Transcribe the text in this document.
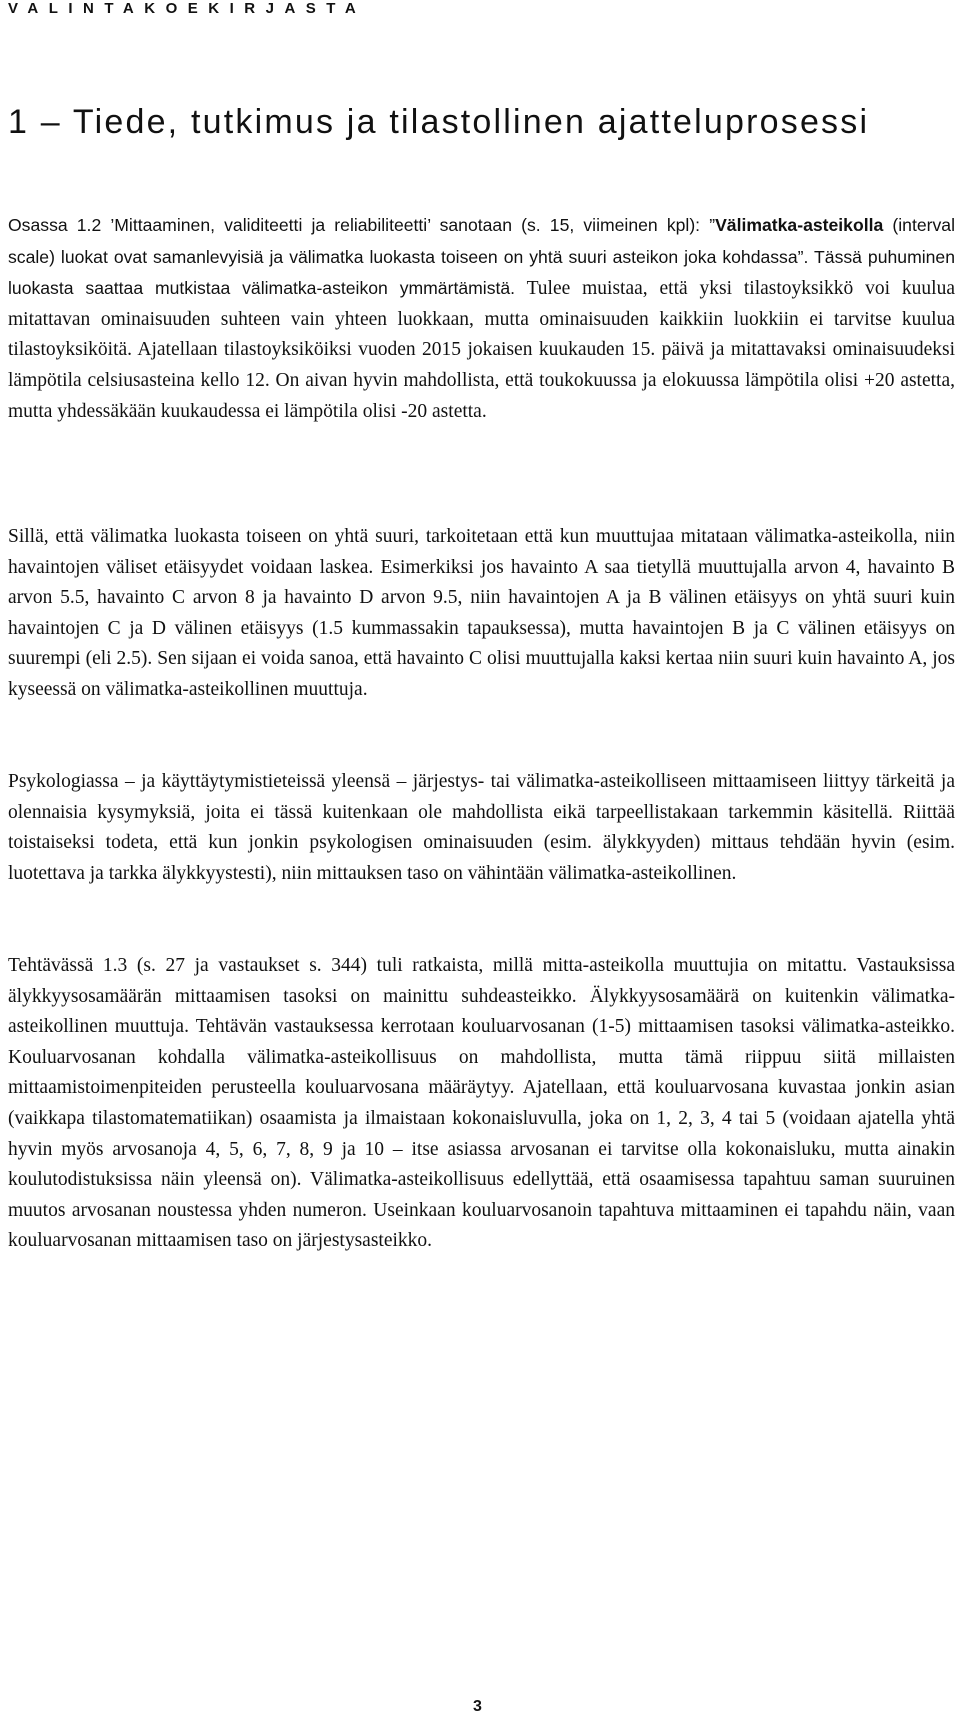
VALINTAKOEKIRJASTA
1 – Tiede, tutkimus ja tilastollinen ajatteluprosessi

Osassa 1.2 ’Mittaaminen, validiteetti ja reliabiliteetti’ sanotaan (s. 15, viimeinen kpl): ”Välimatka-asteikolla (interval scale) luokat ovat samanlevyisiä ja välimatka luokasta toiseen on yhtä suuri asteikon joka kohdassa”. Tässä puhuminen luokasta saattaa mutkistaa välimatka-asteikon ymmärtämistä. Tulee muistaa, että yksi tilastoyksikkö voi kuulua mitattavan ominaisuuden suhteen vain yhteen luokkaan, mutta ominaisuuden kaikkiin luokkiin ei tarvitse kuulua tilastoyksiköitä. Ajatellaan tilastoyksiköiksi vuoden 2015 jokaisen kuukauden 15. päivä ja mitattavaksi ominaisuudeksi lämpötila celsiusasteina kello 12. On aivan hyvin mahdollista, että toukokuussa ja elokuussa lämpötila olisi +20 astetta, mutta yhdessäkään kuukaudessa ei lämpötila olisi -20 astetta.

Sillä, että välimatka luokasta toiseen on yhtä suuri, tarkoitetaan että kun muuttujaa mitataan välimatka-asteikolla, niin havaintojen väliset etäisyydet voidaan laskea. Esimerkiksi jos havainto A saa tietyllä muuttujalla arvon 4, havainto B arvon 5.5, havainto C arvon 8 ja havainto D arvon 9.5, niin havaintojen A ja B välinen etäisyys on yhtä suuri kuin havaintojen C ja D välinen etäisyys (1.5 kummassakin tapauksessa), mutta havaintojen B ja C välinen etäisyys on suurempi (eli 2.5). Sen sijaan ei voida sanoa, että havainto C olisi muuttujalla kaksi kertaa niin suuri kuin havainto A, jos kyseessä on välimatka-asteikollinen muuttuja.

Psykologiassa – ja käyttäytymistieteissä yleensä – järjestys- tai välimatka-asteikolliseen mittaamiseen liittyy tärkeitä ja olennaisia kysymyksiä, joita ei tässä kuitenkaan ole mahdollista eikä tarpeellistakaan tarkemmin käsitellä. Riittää toistaiseksi todeta, että kun jonkin psykologisen ominaisuuden (esim. älykkyyden) mittaus tehdään hyvin (esim. luotettava ja tarkka älykkyystesti), niin mittauksen taso on vähintään välimatka-asteikollinen.

Tehtävässä 1.3 (s. 27 ja vastaukset s. 344) tuli ratkaista, millä mitta-asteikolla muuttujia on mitattu. Vastauksissa älykkyysosamäärän mittaamisen tasoksi on mainittu suhdeasteikko. Älykkyysosamäärä on kuitenkin välimatka-asteikollinen muuttuja. Tehtävän vastauksessa kerrotaan kouluarvosanan (1-5) mittaamisen tasoksi välimatka-asteikko. Kouluarvosanan kohdalla välimatka-asteikollisuus on mahdollista, mutta tämä riippuu siitä millaisten mittaamistoimenpiteiden perusteella kouluarvosana määräytyy. Ajatellaan, että kouluarvosana kuvastaa jonkin asian (vaikkapa tilastomatematiikan) osaamista ja ilmaistaan kokonaisluvulla, joka on 1, 2, 3, 4 tai 5 (voidaan ajatella yhtä hyvin myös arvosanoja 4, 5, 6, 7, 8, 9 ja 10 – itse asiassa arvosanan ei tarvitse olla kokonaisluku, mutta ainakin koulutodistuksissa näin yleensä on). Välimatka-asteikollisuus edellyttää, että osaamisessa tapahtuu saman suuruinen muutos arvosanan noustessa yhden numeron. Useinkaan kouluarvosanoin tapahtuva mittaaminen ei tapahdu näin, vaan kouluarvosanan mittaamisen taso on järjestysasteikko.

3
